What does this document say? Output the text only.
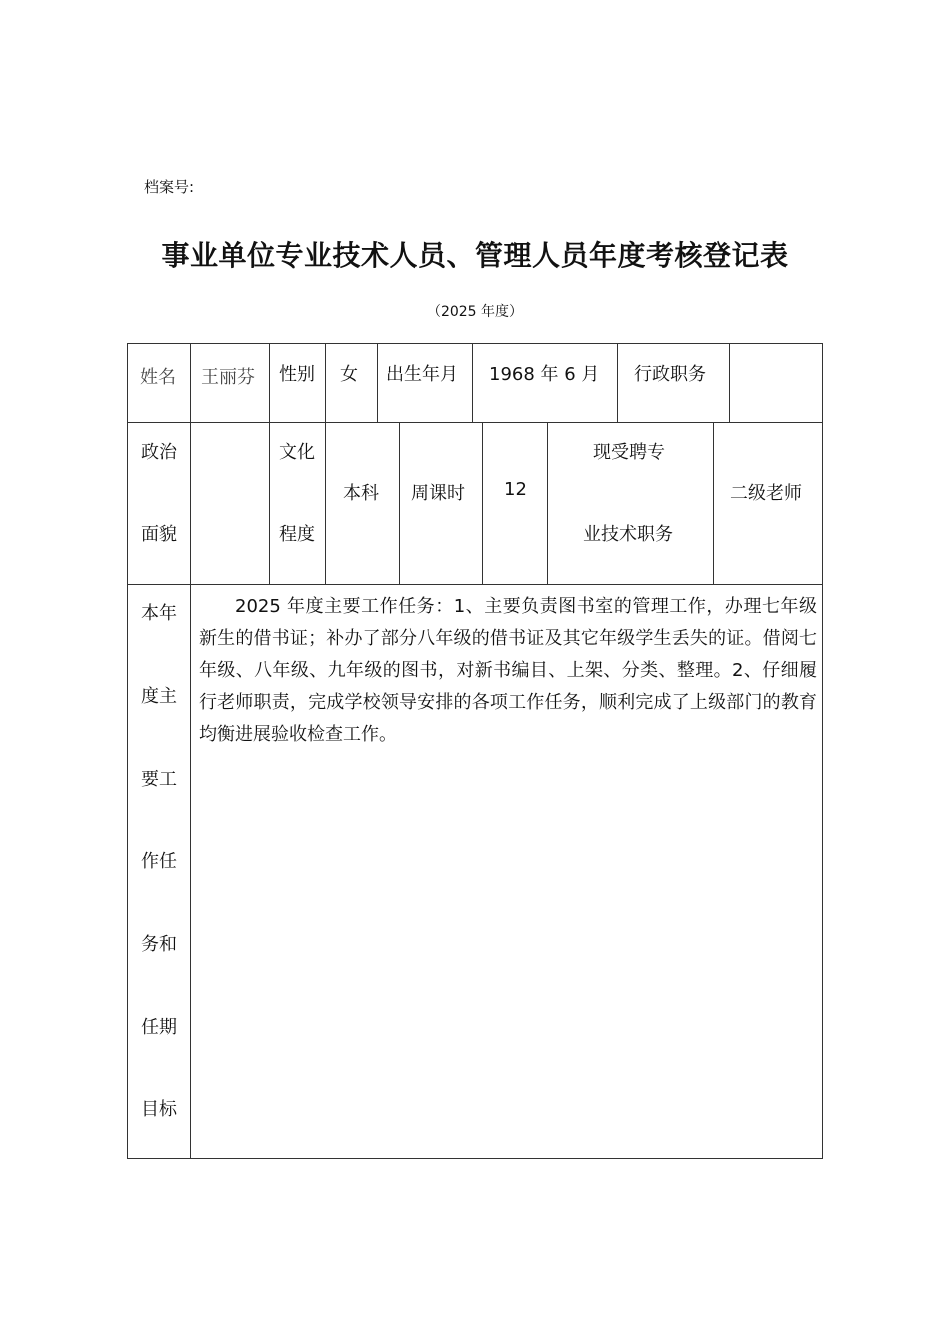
档案号:
事业单位专业技术人员、管理人员年度考核登记表
（2025 年度）
姓名 王丽芬 性别 女 出生年月 1968 年 6 月 行政职务
政治
面貌
文化
程度
本科 周课时 12
现受聘专
业技术职务
二级老师
本年
度主
要工
作任
务和
任期
目标

2025 年度主要工作任务：1、主要负责图书室的管理工作，办理七年级新生的借书证；补办了部分八年级的借书证及其它年级学生丢失的证。借阅七年级、八年级、九年级的图书，对新书编目、上架、分类、整理。2、仔细履行老师职责，完成学校领导安排的各项工作任务，顺利完成了上级部门的教育均衡进展验收检查工作。
